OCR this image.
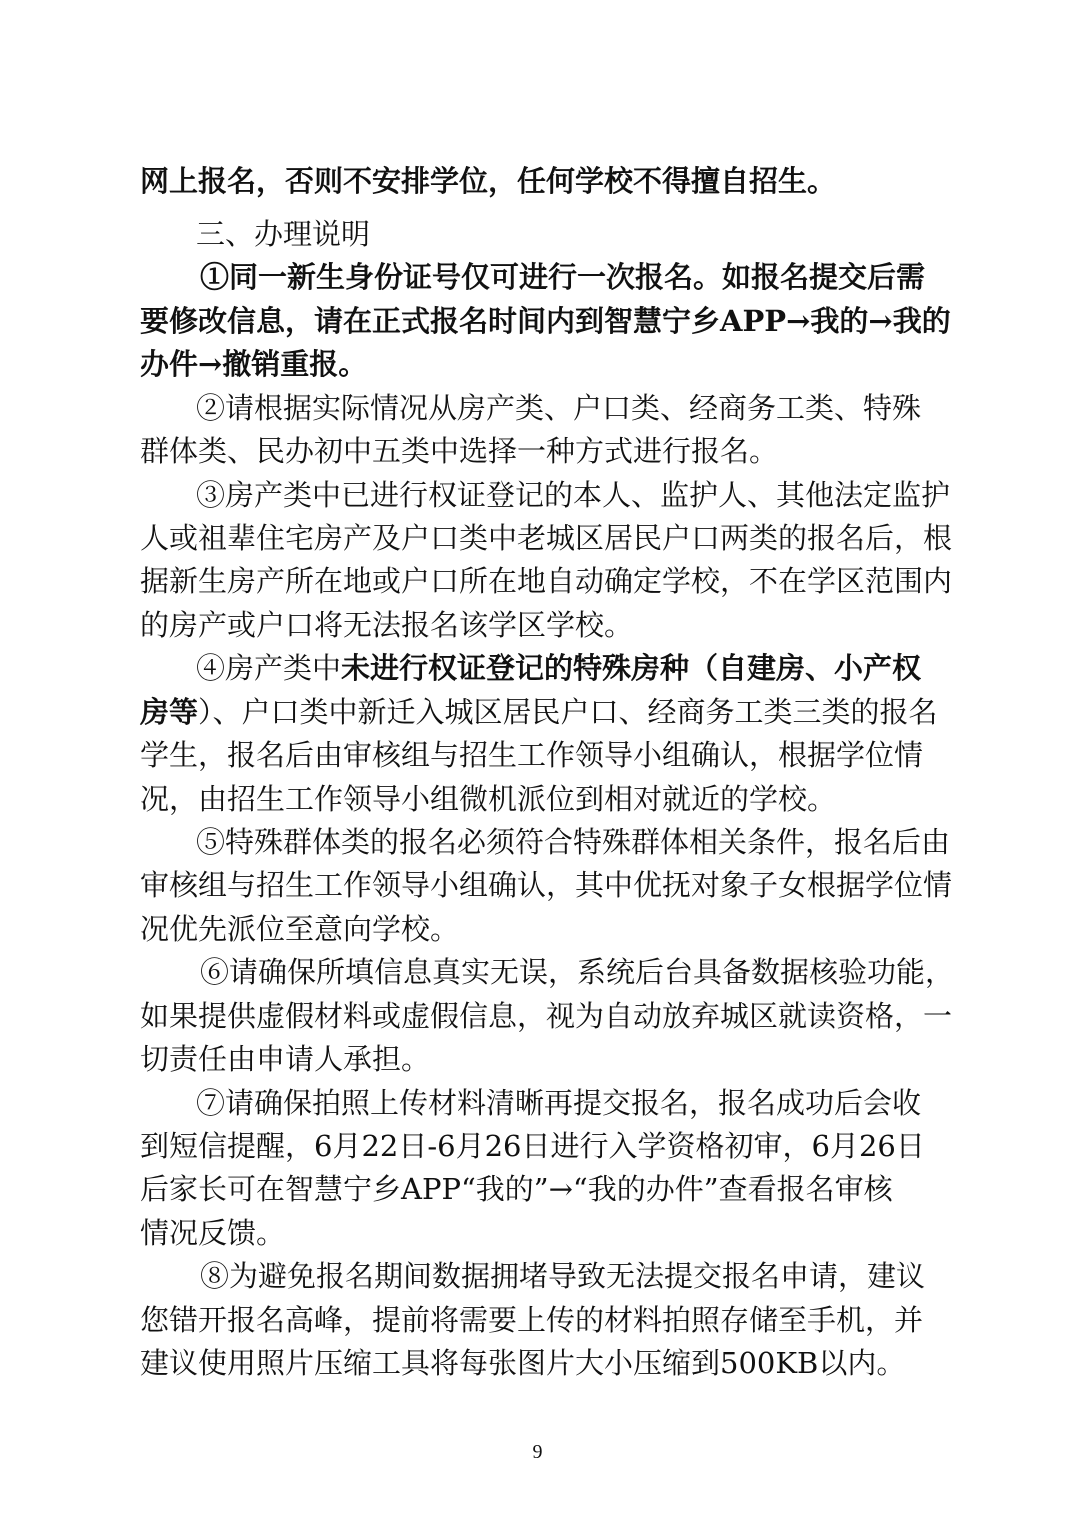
网上报名，否则不安排学位，任何学校不得擅自招生。
三、办理说明
①同一新生身份证号仅可进行一次报名。如报名提交后需
要修改信息，请在正式报名时间内到智慧宁乡APP→我的→我的
办件→撤销重报。
②请根据实际情况从房产类、户口类、经商务工类、特殊
群体类、民办初中五类中选择一种方式进行报名。
③房产类中已进行权证登记的本人、监护人、其他法定监护
人或祖辈住宅房产及户口类中老城区居民户口两类的报名后，根
据新生房产所在地或户口所在地自动确定学校，不在学区范围内
的房产或户口将无法报名该学区学校。
④房产类中未进行权证登记的特殊房种（自建房、小产权
房等）、户口类中新迁入城区居民户口、经商务工类三类的报名
学生，报名后由审核组与招生工作领导小组确认，根据学位情
况，由招生工作领导小组微机派位到相对就近的学校。
⑤特殊群体类的报名必须符合特殊群体相关条件，报名后由
审核组与招生工作领导小组确认，其中优抚对象子女根据学位情
况优先派位至意向学校。
⑥请确保所填信息真实无误，系统后台具备数据核验功能，
如果提供虚假材料或虚假信息，视为自动放弃城区就读资格，一
切责任由申请人承担。
⑦请确保拍照上传材料清晰再提交报名，报名成功后会收
到短信提醒，6月22日-6月26日进行入学资格初审，6月26日
后家长可在智慧宁乡APP“我的”→“我的办件”查看报名审核
情况反馈。
⑧为避免报名期间数据拥堵导致无法提交报名申请，建议
您错开报名高峰，提前将需要上传的材料拍照存储至手机，并
建议使用照片压缩工具将每张图片大小压缩到500KB以内。
9
